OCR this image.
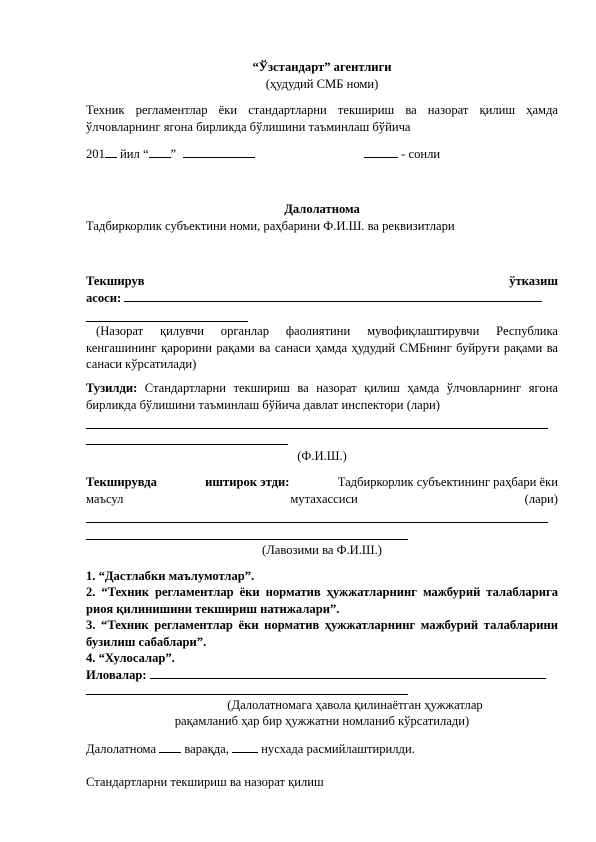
“Ўзстандарт” агентлиги
(ҳудудий СМБ номи)
Техник регламентлар ёки стандартларни текшириш ва назорат қилиш ҳамда ўлчовларнинг ягона бирликда бўлишини таъминлаш бўйича
201 йил “ ”	- сонли
Далолатнома
Тадбиркорлик субъектини номи, раҳбарини Ф.И.Ш. ва реквизитлари
Текширув	ўтказиш
асоси:
(Назорат қилувчи органлар фаолиятини мувофиқлаштирувчи Республика кенгашининг қарорини рақами ва санаси ҳамда ҳудудий СМБнинг буйруғи рақами ва санаси кўрсатилади)
Тузилди: Стандартларни текшириш ва назорат қилиш ҳамда ўлчовларнинг ягона бирликда бўлишини таъминлаш бўйича давлат инспектори (лари)
(Ф.И.Ш.)
Текширувда	иштирок этди:	Тадбиркорлик субъектининг раҳбари ёки
маъсул	мутахассиси	(лари)
(Лавозими ва Ф.И.Ш.)
1. “Дастлабки маълумотлар”.
2. “Техник регламентлар ёки норматив ҳужжатларнинг мажбурий талабларига риоя қилинишини текшириш натижалари”.
3. “Техник регламентлар ёки норматив ҳужжатларнинг мажбурий талабларини бузилиш сабаблари”.
4. “Хулосалар”.
Иловалар:
(Далолатномага ҳавола қилинаётган ҳужжатлар
рақамланиб ҳар бир ҳужжатни номланиб кўрсатилади)
Далолатнома  варақда,  нусхада расмийлаштирилди.
Стандартларни текшириш ва назорат қилиш
